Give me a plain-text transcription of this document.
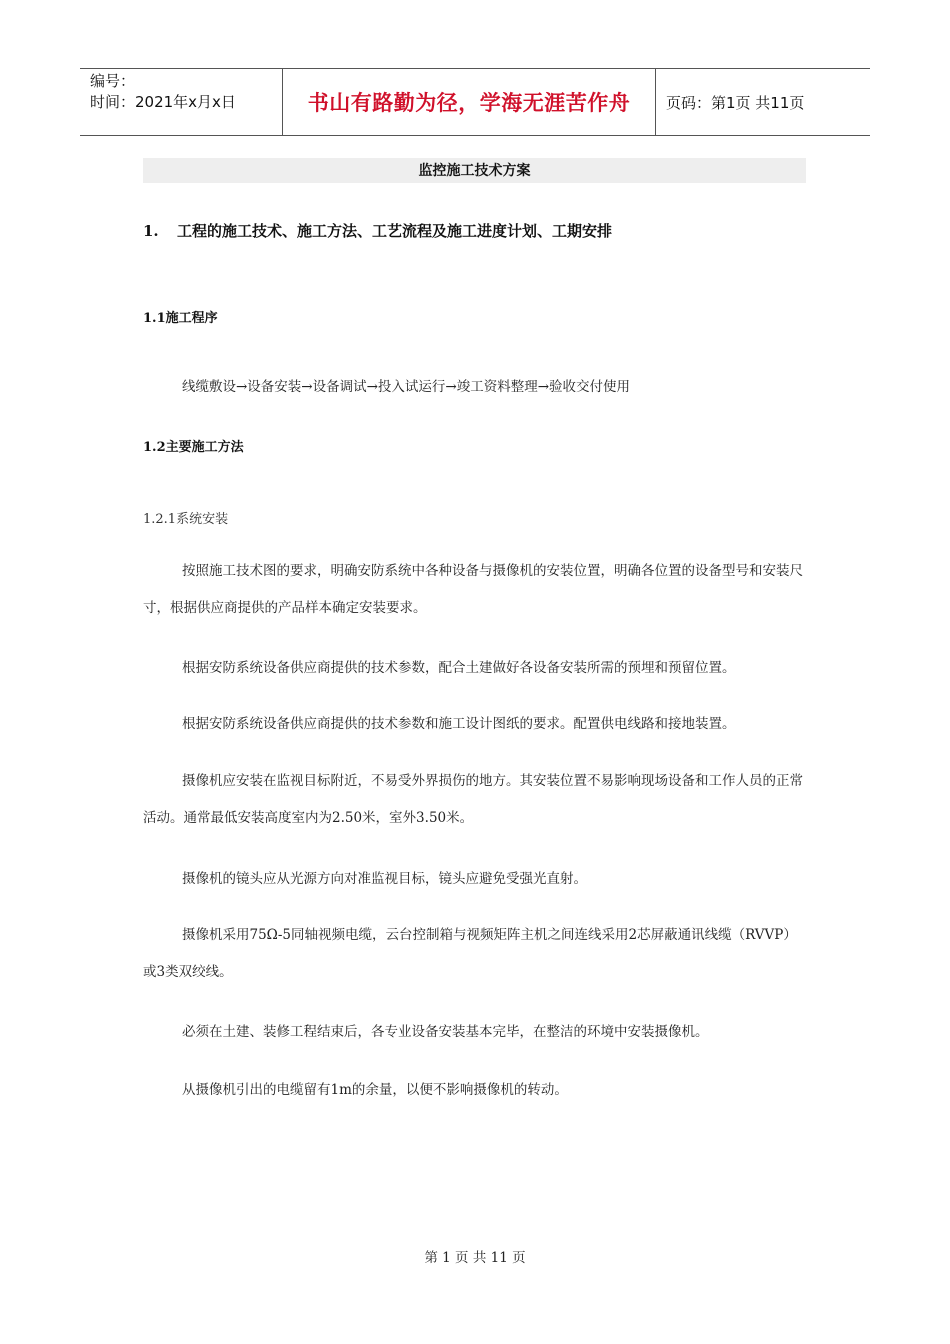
编号：
时间：2021年x月x日	书山有路勤为径，学海无涯苦作舟	页码：第1页 共11页
监控施工技术方案
1. 工程的施工技术、施工方法、工艺流程及施工进度计划、工期安排
1.1施工程序
线缆敷设→设备安装→设备调试→投入试运行→竣工资料整理→验收交付使用
1.2主要施工方法
1.2.1系统安装
按照施工技术图的要求，明确安防系统中各种设备与摄像机的安装位置，明确各位置的设备型号和安装尺寸，根据供应商提供的产品样本确定安装要求。
根据安防系统设备供应商提供的技术参数，配合土建做好各设备安装所需的预埋和预留位置。
根据安防系统设备供应商提供的技术参数和施工设计图纸的要求。配置供电线路和接地装置。
摄像机应安装在监视目标附近，不易受外界损伤的地方。其安装位置不易影响现场设备和工作人员的正常活动。通常最低安装高度室内为2.50米，室外3.50米。
摄像机的镜头应从光源方向对准监视目标，镜头应避免受强光直射。
摄像机采用75Ω-5同轴视频电缆，云台控制箱与视频矩阵主机之间连线采用2芯屏蔽通讯线缆（RVVP）或3类双绞线。
必须在土建、装修工程结束后，各专业设备安装基本完毕，在整洁的环境中安装摄像机。
从摄像机引出的电缆留有1m的余量，以便不影响摄像机的转动。
第 1 页 共 11 页
